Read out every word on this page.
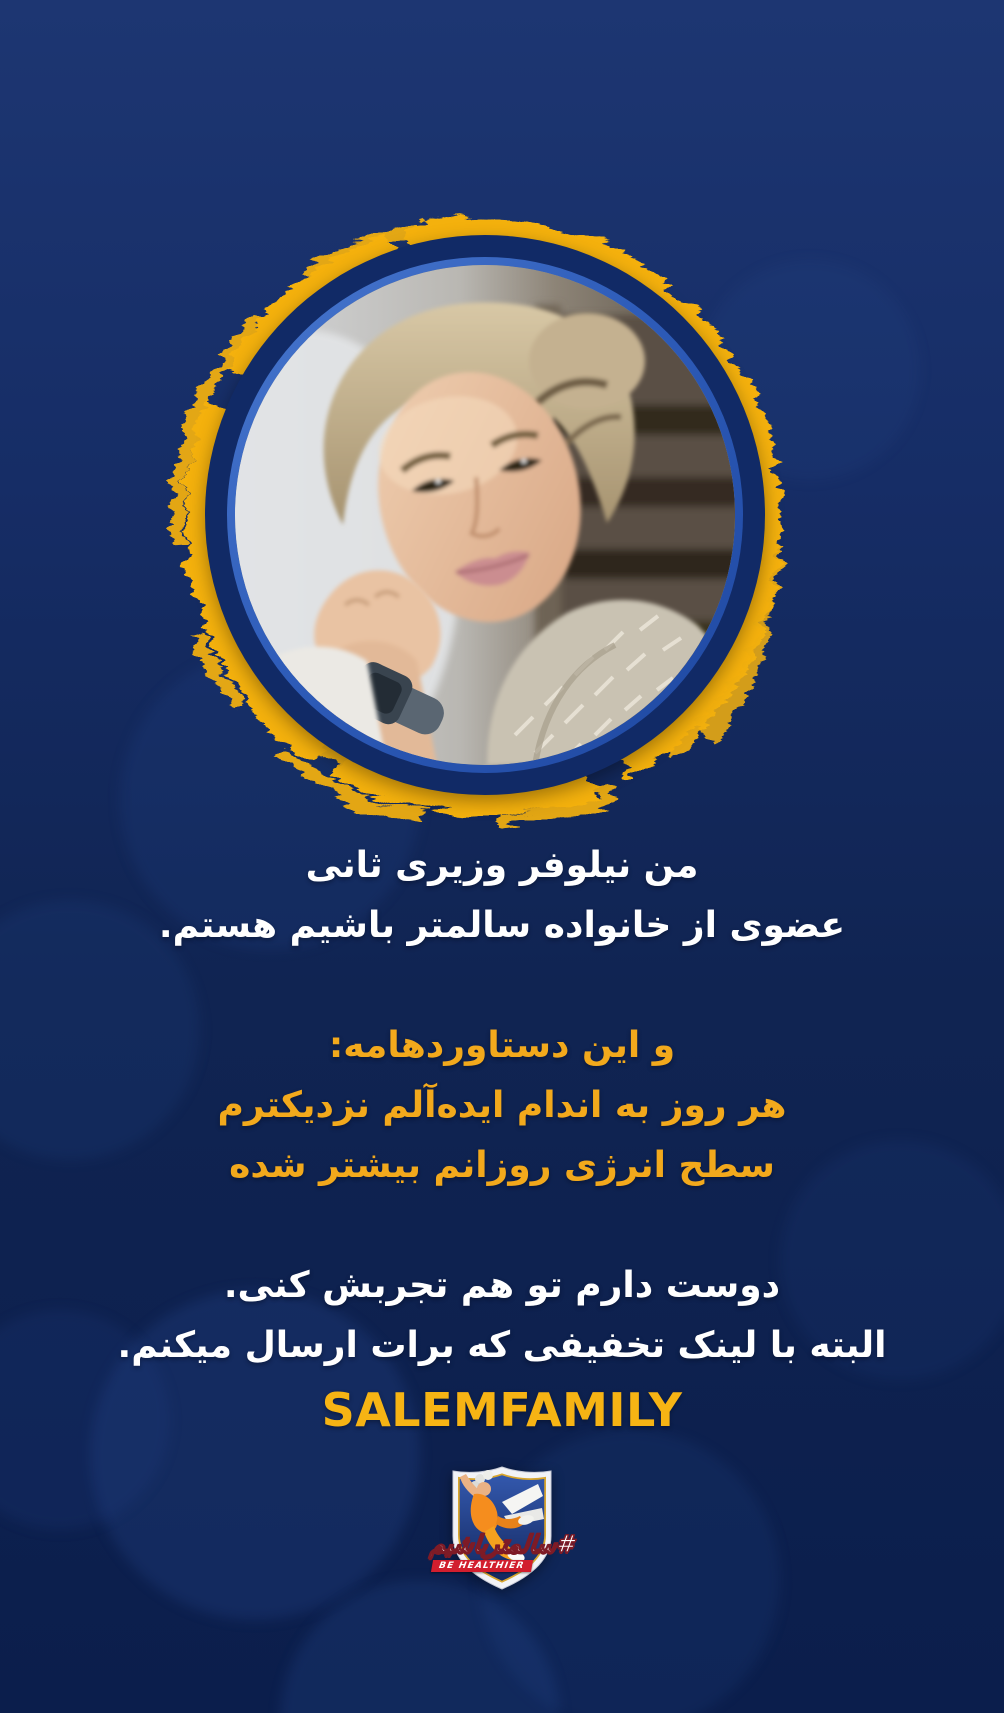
من نیلوفر وزیری ثانی

عضوی از خانواده سالمتر باشیم هستم.

و این دستاوردهامه:

هر روز به اندام ایده‌آلم نزدیکترم

سطح انرژی روزانم بیشتر شده

دوست دارم تو هم تجربش کنی.

البته با لینک تخفیفی که برات ارسال میکنم.

SALEMFAMILY
#سالمترباشیم
BE HEALTHIER
